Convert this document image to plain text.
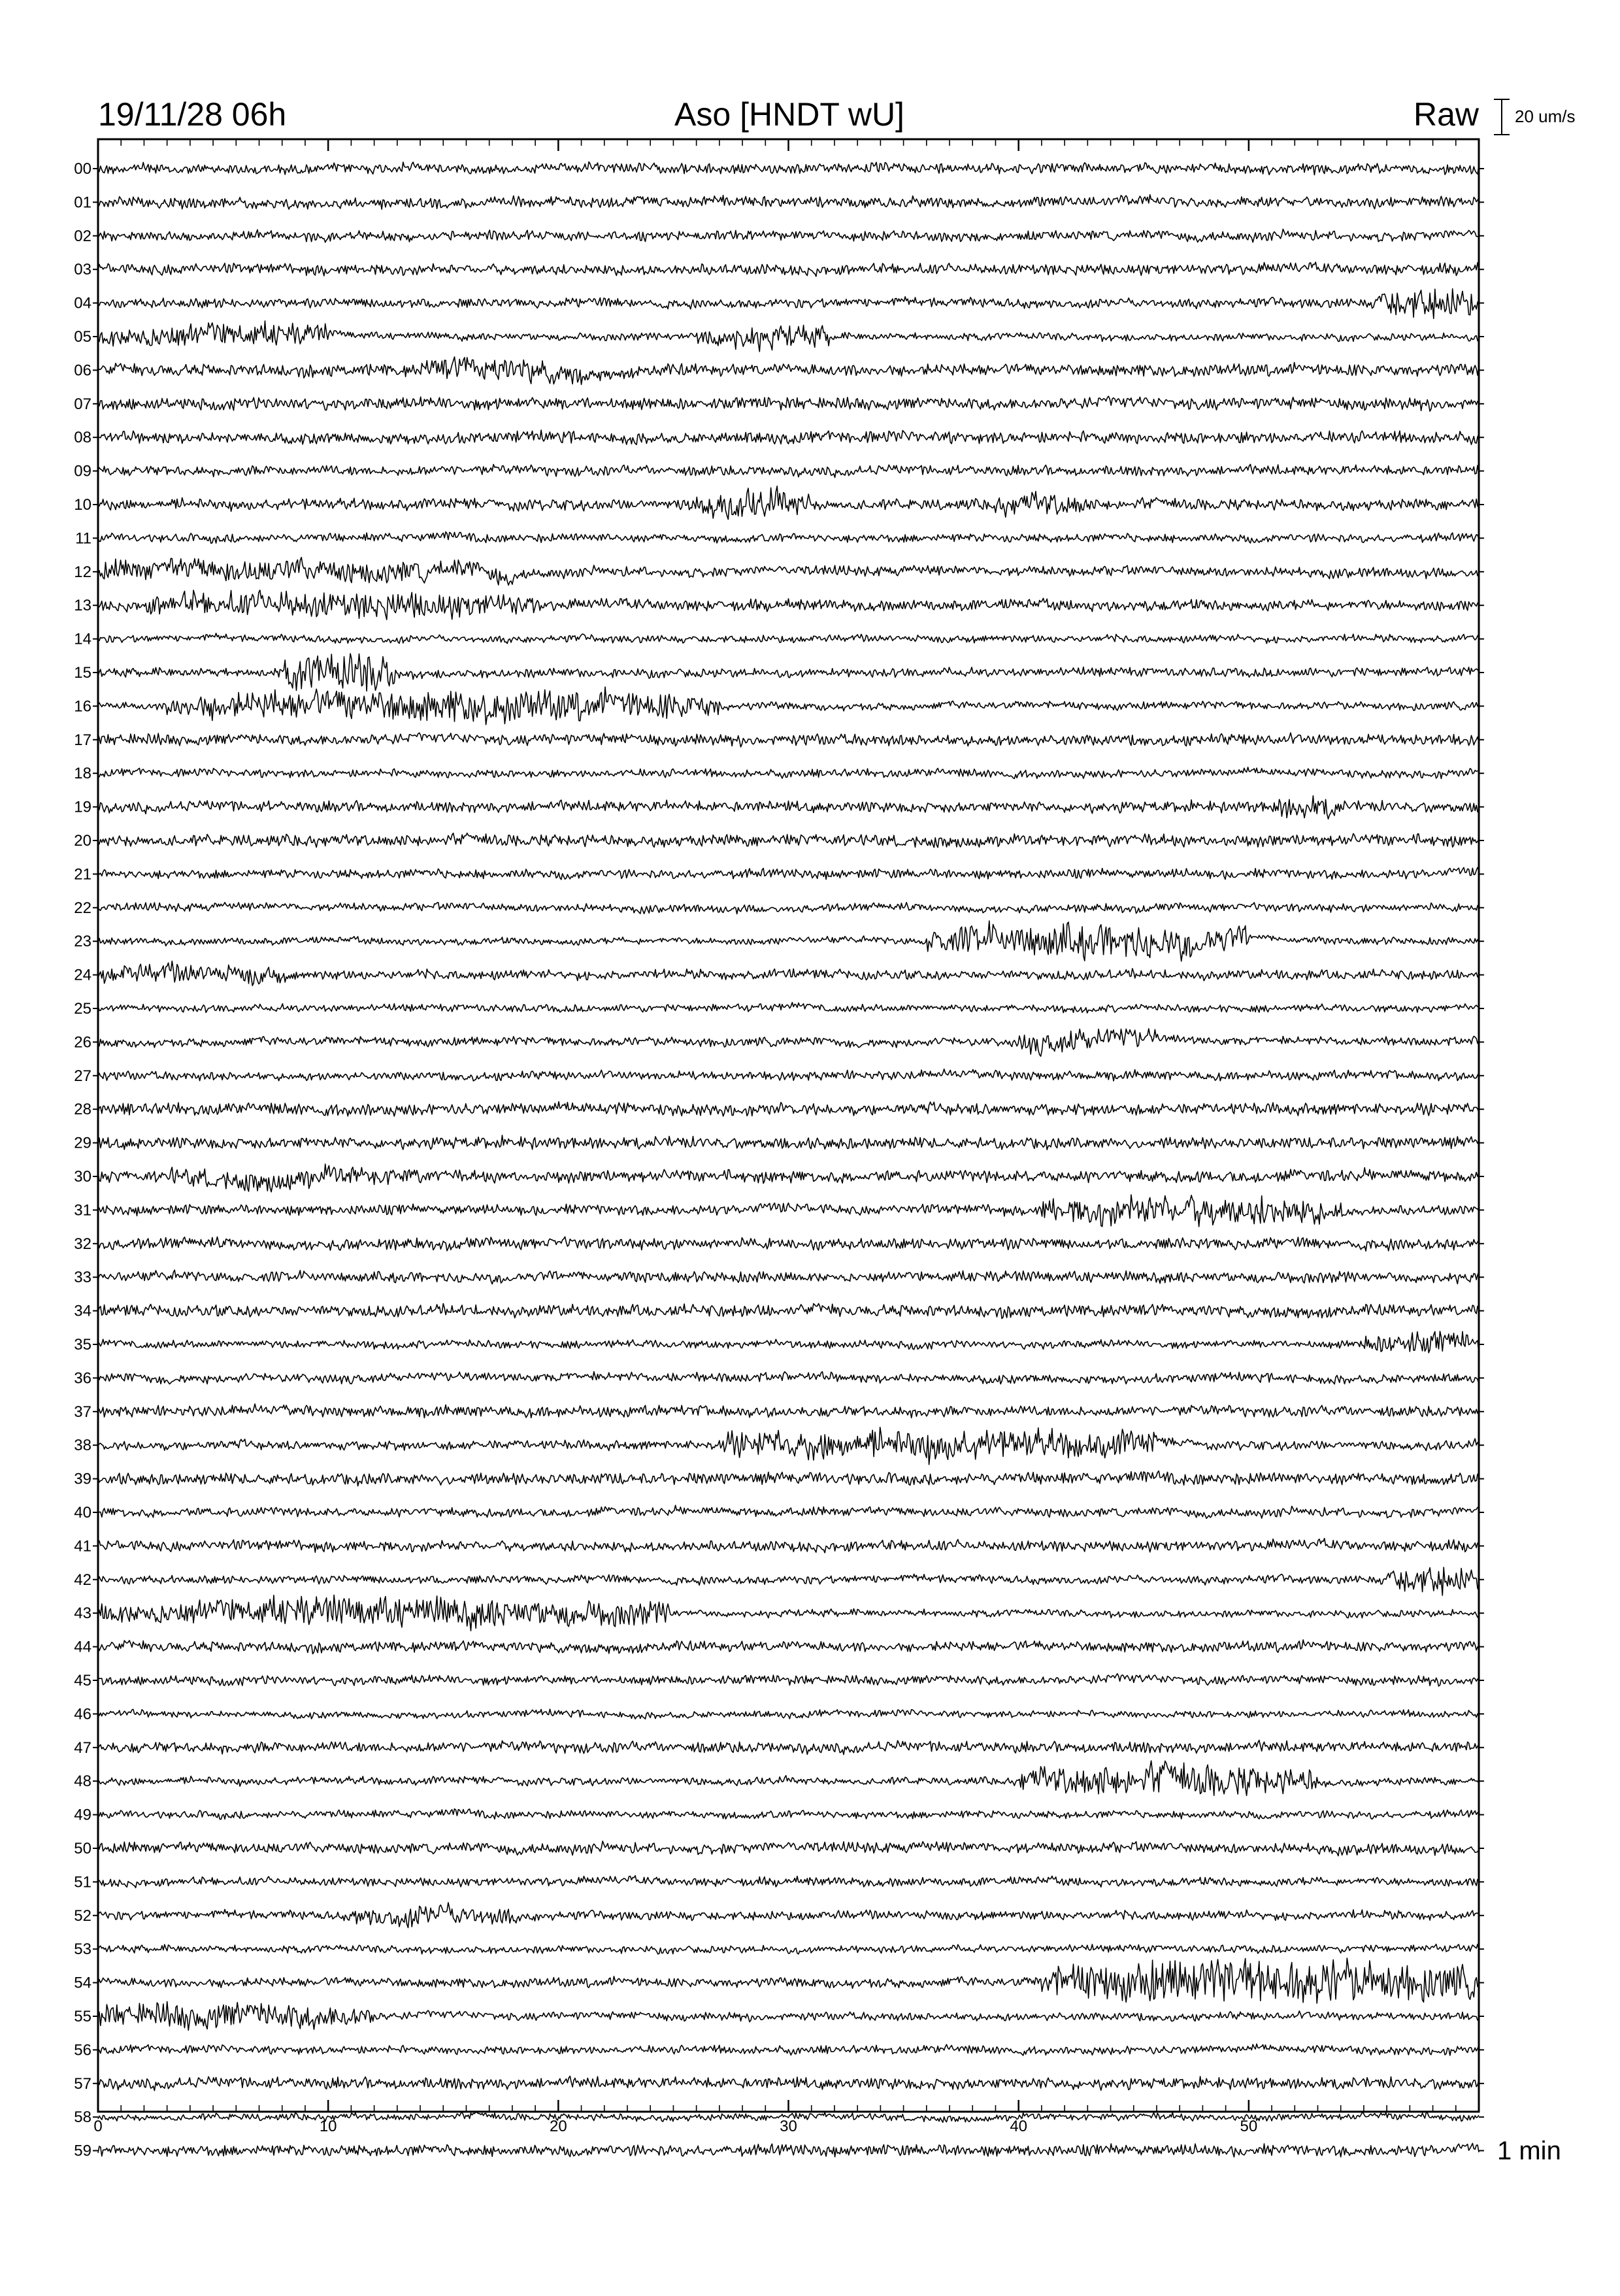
19/11/28 06h	Aso [HNDT wU]	Raw 20 um/s
00
01
02
03
04
05
06
07
08
09
10
11
12
13
14
15
16
17
18
19
20
21
22
23
24
25
26
27
28
29
30
31
32
33
34
35
36
37
38
39
40
41
42
43
44
45
46
47
48
49
50
51
52
53
54
55
56
57
58
59
0	10	20	30	40	50
1 min
